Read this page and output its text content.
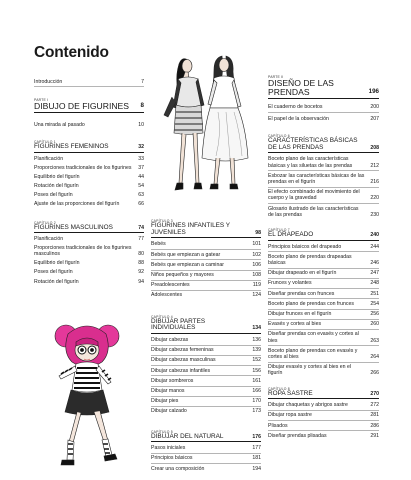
Contenido
Introducción	7
PARTE I
DIBUJO DE FIGURINES	8
Una mirada al pasado	10
CAPÍTULO 1
FIGURINES FEMENINOS	32
Planificación	33
Proporciones tradicionales de los figurines	37
Equilibrio del figurín	44
Rotación del figurín	54
Poses del figurín	63
Ajuste de las proporciones del figurín	66
CAPÍTULO 2
FIGURINES MASCULINOS	74
Planificación	77
Proporciones tradicionales de los figurines masculinos	80
Equilibrio del figurín	88
Poses del figurín	92
Rotación del figurín	94
CAPÍTULO 3
FIGURINES INFANTILES Y JUVENILES	98
Bebés	101
Bebés que empiezan a gatear	102
Bebés que empiezan a caminar	106
Niños pequeños y mayores	108
Preadolescentes	119
Adolescentes	124
CAPÍTULO 4
DIBUJAR PARTES INDIVIDUALES	134
Dibujar cabezas	136
Dibujar cabezas femeninas	139
Dibujar cabezas masculinas	152
Dibujar cabezas infantiles	156
Dibujar sombreros	161
Dibujar manos	166
Dibujar pies	170
Dibujar calzado	173
CAPÍTULO 5
DIBUJAR DEL NATURAL	176
Pasos iniciales	177
Principios básicos	181
Crear una composición	194
PARTE II
DISEÑO DE LAS PRENDAS	196
El cuaderno de bocetos	200
El papel de la observación	207
CAPÍTULO 6
CARACTERÍSTICAS BÁSICAS DE LAS PRENDAS	208
Boceto plano de las características básicas y las siluetas de las prendas	212
Esbozar las características básicas de las prendas en el figurín	216
El efecto combinado del movimiento del cuerpo y la gravedad	220
Glosario ilustrado de las características de las prendas	230
CAPÍTULO 7
EL DRAPEADO	240
Principios básicos del drapeado	244
Boceto plano de prendas drapeadas básicas	246
Dibujar drapeado en el figurín	247
Frunces y volantes	248
Diseñar prendas con frunces	251
Boceto plano de prendas con frunces	254
Dibujar frunces en el figurín	256
Evasés y cortes al bies	260
Diseñar prendas con evasés y cortes al bies	263
Boceto plano de prendas con evasés y cortes al bies	264
Dibujar evasés y cortes al bies en el figurín	266
CAPÍTULO 8
ROPA SASTRE	270
Dibujar chaquetas y abrigos sastre	272
Dibujar ropa sastre	281
Plisados	286
Diseñar prendas plisadas	291
